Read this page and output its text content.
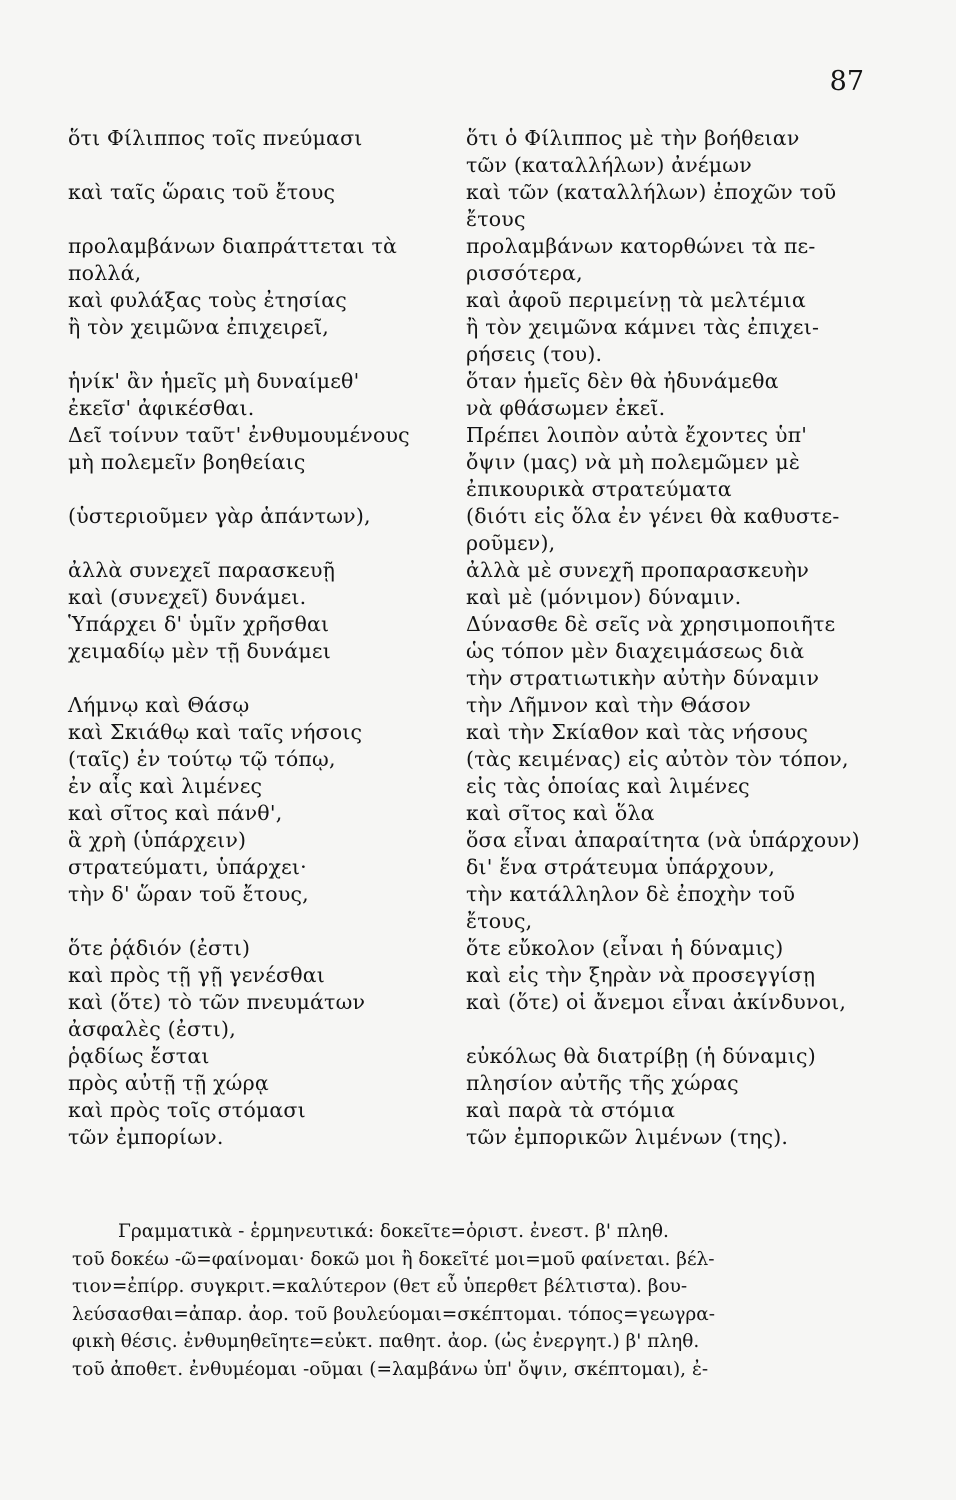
87
ὅτι Φίλιππος τοῖς πνεύμασι
καὶ ταῖς ὥραις τοῦ ἔτους
προλαμβάνων διαπράττεται τὰ
πολλά,
καὶ φυλάξας τοὺς ἐτησίας
ἢ τὸν χειμῶνα ἐπιχειρεῖ,
ἡνίκ' ἂν ἡμεῖς μὴ δυναίμεθ'
ἐκεῖσ' ἀφικέσθαι.
Δεῖ τοίνυν ταῦτ' ἐνθυμουμένους
μὴ πολεμεῖν βοηθείαις
(ὑστεριοῦμεν γὰρ ἁπάντων),
ἀλλὰ συνεχεῖ παρασκευῇ
καὶ (συνεχεῖ) δυνάμει.
Ὑπάρχει δ' ὑμῖν χρῆσθαι
χειμαδίῳ μὲν τῇ δυνάμει
Λήμνῳ καὶ Θάσῳ
καὶ Σκιάθῳ καὶ ταῖς νήσοις
(ταῖς) ἐν τούτῳ τῷ τόπῳ,
ἐν αἷς καὶ λιμένες
καὶ σῖτος καὶ πάνθ',
ἃ χρὴ (ὑπάρχειν)
στρατεύματι, ὑπάρχει·
τὴν δ' ὥραν τοῦ ἔτους,
ὅτε ῥᾴδιόν (ἐστι)
καὶ πρὸς τῇ γῇ γενέσθαι
καὶ (ὅτε) τὸ τῶν πνευμάτων
ἀσφαλὲς (ἐστι),
ῥᾳδίως ἔσται
πρὸς αὐτῇ τῇ χώρᾳ
καὶ πρὸς τοῖς στόμασι
τῶν ἐμπορίων.
ὅτι ὁ Φίλιππος μὲ τὴν βοήθειαν
τῶν (καταλλήλων) ἀνέμων
καὶ τῶν (καταλλήλων) ἐποχῶν τοῦ
ἔτους
προλαμβάνων κατορθώνει τὰ πε-
ρισσότερα,
καὶ ἀφοῦ περιμείνῃ τὰ μελτέμια
ἢ τὸν χειμῶνα κάμνει τὰς ἐπιχει-
ρήσεις (του).
ὅταν ἡμεῖς δὲν θὰ ἠδυνάμεθα
νὰ φθάσωμεν ἐκεῖ.
Πρέπει λοιπὸν αὐτὰ ἔχοντες ὑπ'
ὄψιν (μας) νὰ μὴ πολεμῶμεν μὲ
ἐπικουρικὰ στρατεύματα
(διότι εἰς ὅλα ἐν γένει θὰ καθυστε-
ροῦμεν),
ἀλλὰ μὲ συνεχῆ προπαρασκευὴν
καὶ μὲ (μόνιμον) δύναμιν.
Δύνασθε δὲ σεῖς νὰ χρησιμοποιῆτε
ὡς τόπον μὲν διαχειμάσεως διὰ
τὴν στρατιωτικὴν αὐτὴν δύναμιν
τὴν Λῆμνον καὶ τὴν Θάσον
καὶ τὴν Σκίαθον καὶ τὰς νήσους
(τὰς κειμένας) εἰς αὐτὸν τὸν τόπον,
εἰς τὰς ὁποίας καὶ λιμένες
καὶ σῖτος καὶ ὅλα
ὅσα εἶναι ἀπαραίτητα (νὰ ὑπάρχουν)
δι' ἕνα στράτευμα ὑπάρχουν,
τὴν κατάλληλον δὲ ἐποχὴν τοῦ
ἔτους,
ὅτε εὔκολον (εἶναι ἡ δύναμις)
καὶ εἰς τὴν ξηρὰν νὰ προσεγγίσῃ
καὶ (ὅτε) οἱ ἄνεμοι εἶναι ἀκίνδυνοι,
εὐκόλως θὰ διατρίβῃ (ἡ δύναμις)
πλησίον αὐτῆς τῆς χώρας
καὶ παρὰ τὰ στόμια
τῶν ἐμπορικῶν λιμένων (της).
Γραμματικὰ - ἑρμηνευτικά: δοκεῖτε=ὁριστ. ἐνεστ. β' πληθ.
τοῦ δοκέω -ῶ=φαίνομαι· δοκῶ μοι ἢ δοκεῖτέ μοι=μοῦ φαίνεται. βέλ-
τιον=ἐπίρρ. συγκριτ.=καλύτερον (θετ εὖ ὑπερθετ βέλτιστα). βου-
λεύσασθαι=ἀπαρ. ἀορ. τοῦ βουλεύομαι=σκέπτομαι. τόπος=γεωγρα-
φικὴ θέσις. ἐνθυμηθεῖητε=εὐκτ. παθητ. ἀορ. (ὡς ἐνεργητ.) β' πληθ.
τοῦ ἀποθετ. ἐνθυμέομαι -οῦμαι (=λαμβάνω ὑπ' ὄψιν, σκέπτομαι), ἐ-
